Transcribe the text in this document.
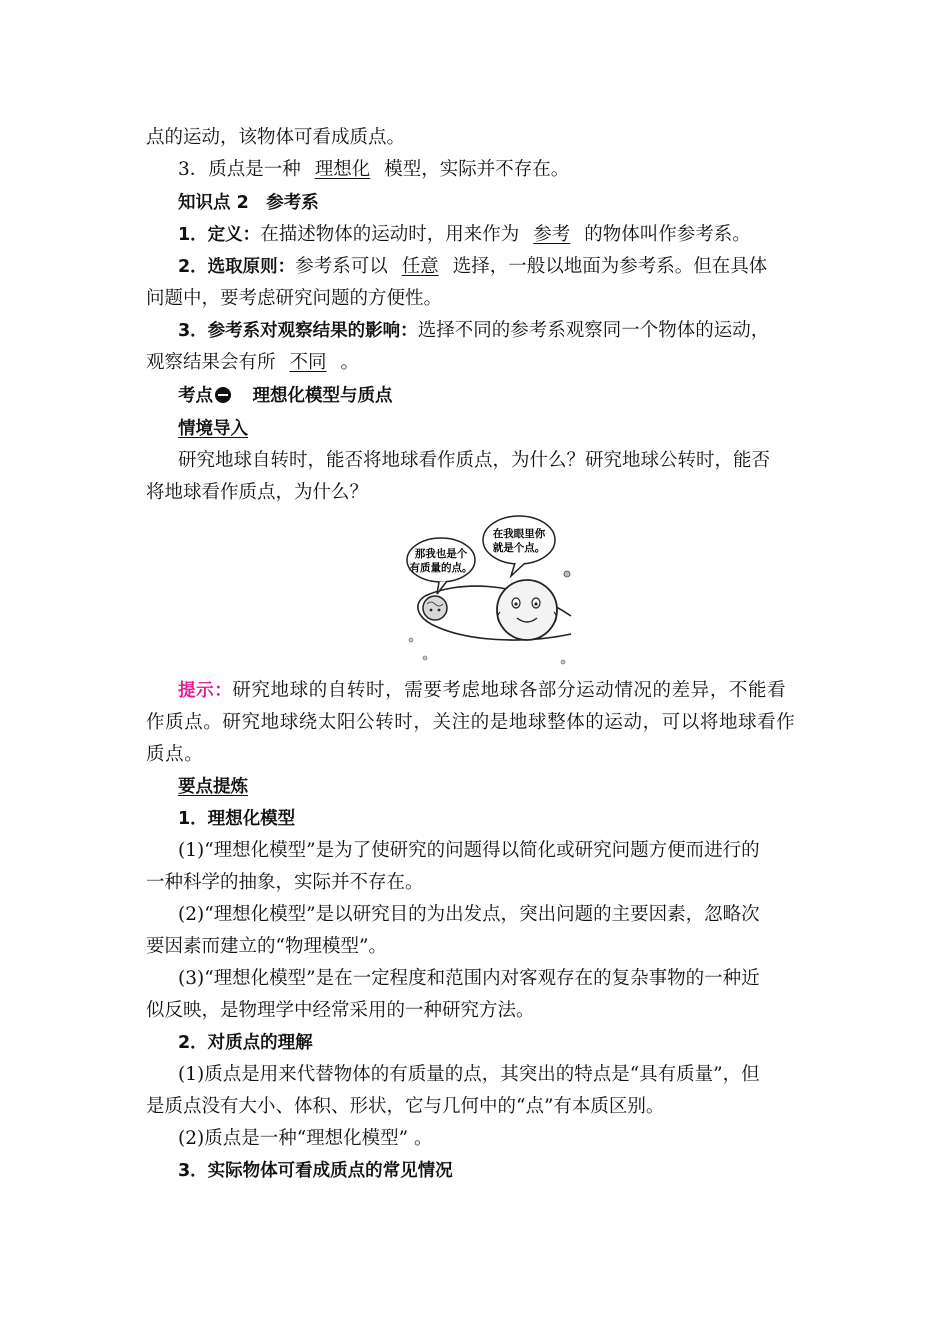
点的运动，该物体可看成质点。
3．质点是一种 理想化 模型，实际并不存在。
知识点 2　参考系
1．定义：在描述物体的运动时，用来作为 参考 的物体叫作参考系。
2．选取原则：参考系可以 任意 选择，一般以地面为参考系。但在具体
问题中，要考虑研究问题的方便性。
3．参考系对观察结果的影响：选择不同的参考系观察同一个物体的运动，
观察结果会有所 不同 。
考点　 理想化模型与质点
情境导入
研究地球自转时，能否将地球看作质点，为什么？研究地球公转时，能否
将地球看作质点，为什么？
那我也是个
有质量的点。
在我眼里你
就是个点。
提示：研究地球的自转时，需要考虑地球各部分运动情况的差异，不能看
作质点。研究地球绕太阳公转时，关注的是地球整体的运动，可以将地球看作
质点。
要点提炼
1．理想化模型
(1)“理想化模型”是为了使研究的问题得以简化或研究问题方便而进行的
一种科学的抽象，实际并不存在。
(2)“理想化模型”是以研究目的为出发点，突出问题的主要因素，忽略次
要因素而建立的“物理模型”。
(3)“理想化模型”是在一定程度和范围内对客观存在的复杂事物的一种近
似反映，是物理学中经常采用的一种研究方法。
2．对质点的理解
(1)质点是用来代替物体的有质量的点，其突出的特点是“具有质量”，但
是质点没有大小、体积、形状，它与几何中的“点”有本质区别。
(2)质点是一种“理想化模型” 。
3．实际物体可看成质点的常见情况
